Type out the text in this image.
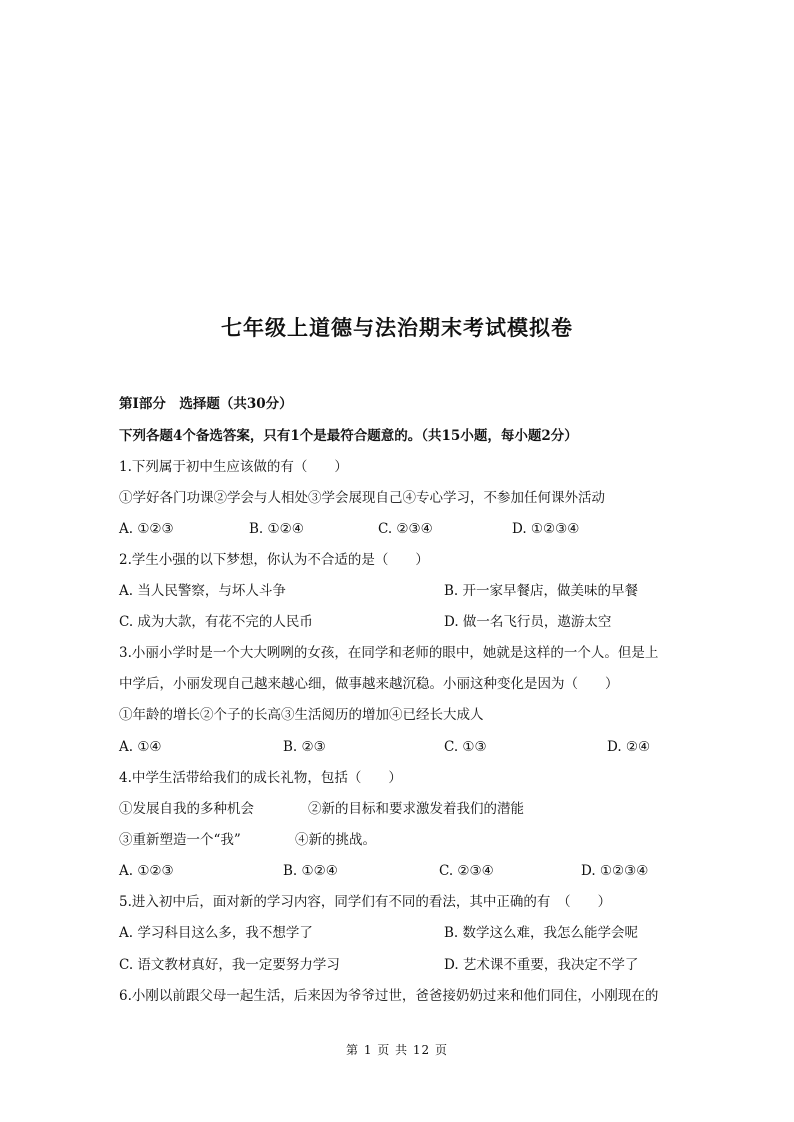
七年级上道德与法治期末考试模拟卷
第Ⅰ部分　选择题（共30分）
下列各题4个备选答案，只有1个是最符合题意的。（共15小题，每小题2分）
1.下列属于初中生应该做的有（　　）
①学好各门功课②学会与人相处③学会展现自己④专心学习，不参加任何课外活动
A. ①②③	B. ①②④	C. ②③④	D. ①②③④
2.学生小强的以下梦想，你认为不合适的是（　　）
A. 当人民警察，与坏人斗争	B. 开一家早餐店，做美味的早餐
C. 成为大款，有花不完的人民币	D. 做一名飞行员，遨游太空
3.小丽小学时是一个大大咧咧的女孩，在同学和老师的眼中，她就是这样的一个人。但是上
中学后，小丽发现自己越来越心细，做事越来越沉稳。小丽这种变化是因为（　　）
①年龄的增长②个子的长高③生活阅历的增加④已经长大成人
A. ①④	B. ②③	C. ①③	D. ②④
4.中学生活带给我们的成长礼物，包括（　　）
①发展自我的多种机会	②新的目标和要求激发着我们的潜能
③重新塑造一个“我”	④新的挑战。
A. ①②③	B. ①②④	C. ②③④	D. ①②③④
5.进入初中后，面对新的学习内容，同学们有不同的看法，其中正确的有　（　　）
A. 学习科目这么多，我不想学了	B. 数学这么难，我怎么能学会呢
C. 语文教材真好，我一定要努力学习	D. 艺术课不重要，我决定不学了
6.小刚以前跟父母一起生活，后来因为爷爷过世，爸爸接奶奶过来和他们同住，小刚现在的
第 1 页 共 12 页
